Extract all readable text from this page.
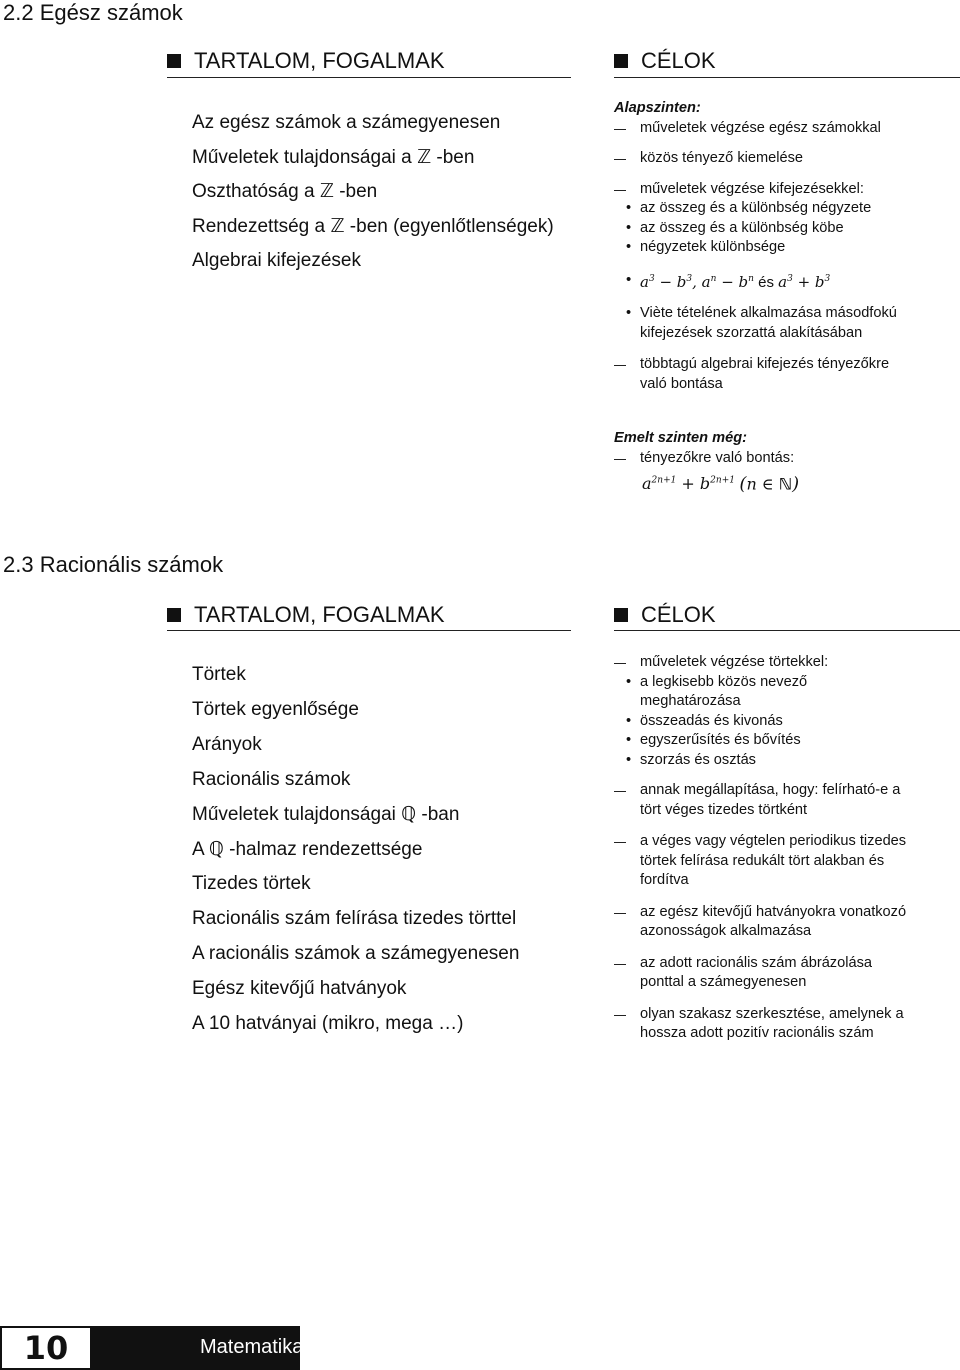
2.2 Egész számok
TARTALOM, FOGALMAK	CÉLOK
Az egész számok a számegyenesen
Műveletek tulajdonságai a ℤ -ben
Oszthatóság a ℤ -ben
Rendezettség a ℤ -ben (egyenlőtlenségek)
Algebrai kifejezések
Alapszinten:
műveletek végzése egész számokkal
közös tényező kiemelése
műveletek végzése kifejezésekkel:
• az összeg és a különbség négyzete
• az összeg és a különbség köbe
• négyzetek különbsége
• $a^3 - b^3$, $a^n - b^n$ és $a^3 + b^3$
• Viète tételének alkalmazása másodfokú
kifejezések szorzattá alakításában
többtagú algebrai kifejezés tényezőkre
való bontása
Emelt szinten még:
tényezőkre való bontás:
$a^{2n+1} + b^{2n+1}$ (n ∈ ℕ)
2.3 Racionális számok
TARTALOM, FOGALMAK	CÉLOK
Törtek
Törtek egyenlősége
Arányok
Racionális számok
Műveletek tulajdonságai ℚ -ban
A ℚ -halmaz rendezettsége
Tizedes törtek
Racionális szám felírása tizedes törttel
A racionális számok a számegyenesen
Egész kitevőjű hatványok
A 10 hatványai (mikro, mega …)
műveletek végzése törtekkel:
• a legkisebb közös nevező
meghatározása
• összeadás és kivonás
• egyszerűsítés és bővítés
• szorzás és osztás
annak megállapítása, hogy: felírható-e a
tört véges tizedes törtként
a véges vagy végtelen periodikus tizedes
törtek felírása redukált tört alakban és
fordítva
az egész kitevőjű hatványokra vonatkozó
azonosságok alkalmazása
az adott racionális szám ábrázolása
ponttal a számegyenesen
olyan szakasz szerkesztése, amelynek a
hossza adott pozitív racionális szám
10	Matematika
